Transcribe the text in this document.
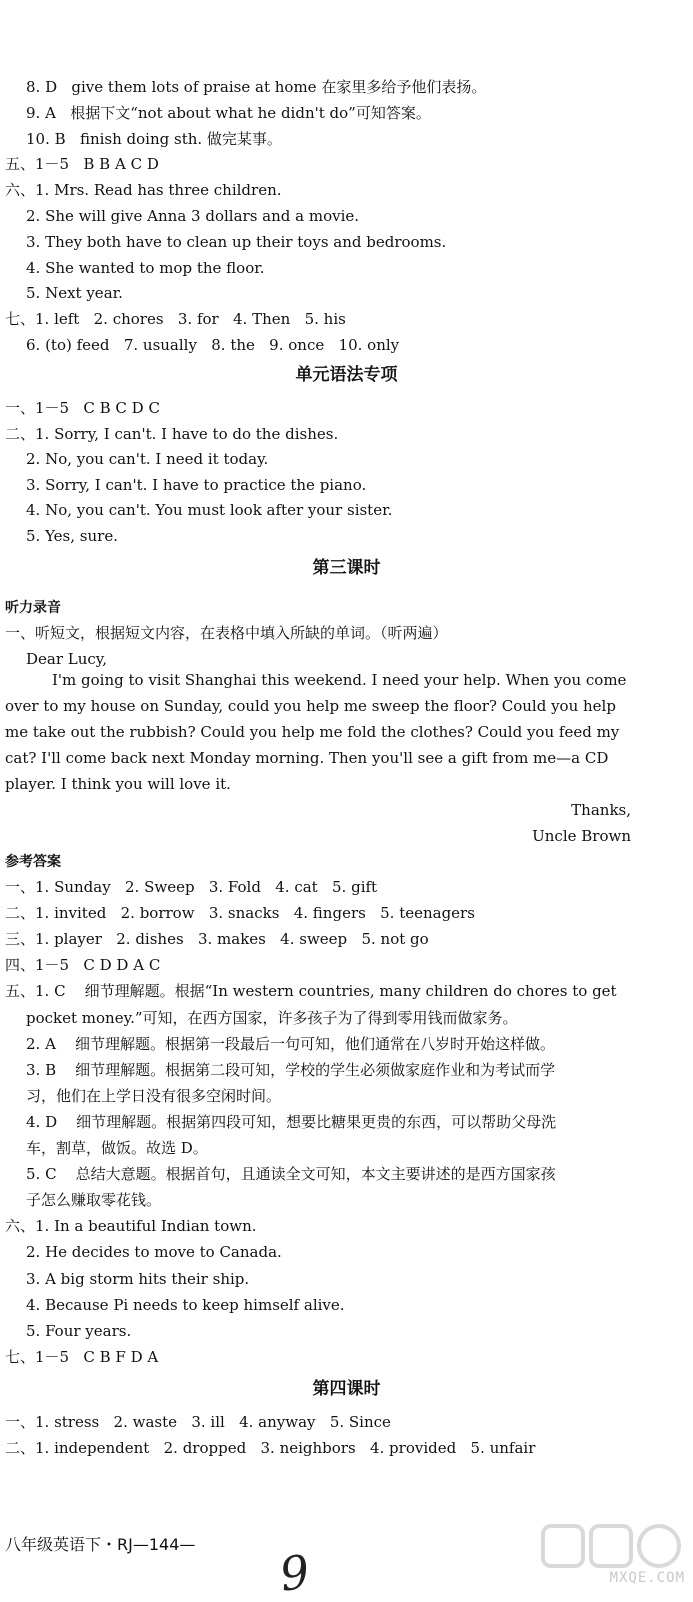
8. D   give them lots of praise at home 在家里多给予他们表扬。
9. A   根据下文“not about what he didn't do”可知答案。
10. B   finish doing sth. 做完某事。
五、1－5   B B A C D
六、1. Mrs. Read has three children.
2. She will give Anna 3 dollars and a movie.
3. They both have to clean up their toys and bedrooms.
4. She wanted to mop the floor.
5. Next year.
七、1. left   2. chores   3. for   4. Then   5. his
6. (to) feed   7. usually   8. the   9. once   10. only
单元语法专项
一、1－5   C B C D C
二、1. Sorry, I can't. I have to do the dishes.
2. No, you can't. I need it today.
3. Sorry, I can't. I have to practice the piano.
4. No, you can't. You must look after your sister.
5. Yes, sure.
第三课时
听力录音
一、听短文，根据短文内容，在表格中填入所缺的单词。（听两遍）
Dear Lucy,
I'm going to visit Shanghai this weekend. I need your help. When you come
over to my house on Sunday, could you help me sweep the floor? Could you help
me take out the rubbish? Could you help me fold the clothes? Could you feed my
cat? I'll come back next Monday morning. Then you'll see a gift from me—a CD
player. I think you will love it.
Thanks,
Uncle Brown
参考答案
一、1. Sunday   2. Sweep   3. Fold   4. cat   5. gift
二、1. invited   2. borrow   3. snacks   4. fingers   5. teenagers
三、1. player   2. dishes   3. makes   4. sweep   5. not go
四、1－5   C D D A C
五、1. C    细节理解题。根据“In western countries, many children do chores to get
pocket money.”可知，在西方国家，许多孩子为了得到零用钱而做家务。
2. A    细节理解题。根据第一段最后一句可知，他们通常在八岁时开始这样做。
3. B    细节理解题。根据第二段可知，学校的学生必须做家庭作业和为考试而学
习，他们在上学日没有很多空闲时间。
4. D    细节理解题。根据第四段可知，想要比糖果更贵的东西，可以帮助父母洗
车，割草，做饭。故选 D。
5. C    总结大意题。根据首句，且通读全文可知，本文主要讲述的是西方国家孩
子怎么赚取零花钱。
六、1. In a beautiful Indian town.
2. He decides to move to Canada.
3. A big storm hits their ship.
4. Because Pi needs to keep himself alive.
5. Four years.
七、1－5   C B F D A
第四课时
一、1. stress   2. waste   3. ill   4. anyway   5. Since
二、1. independent   2. dropped   3. neighbors   4. provided   5. unfair
八年级英语下・RJ—144— 9	MXQE.COM
